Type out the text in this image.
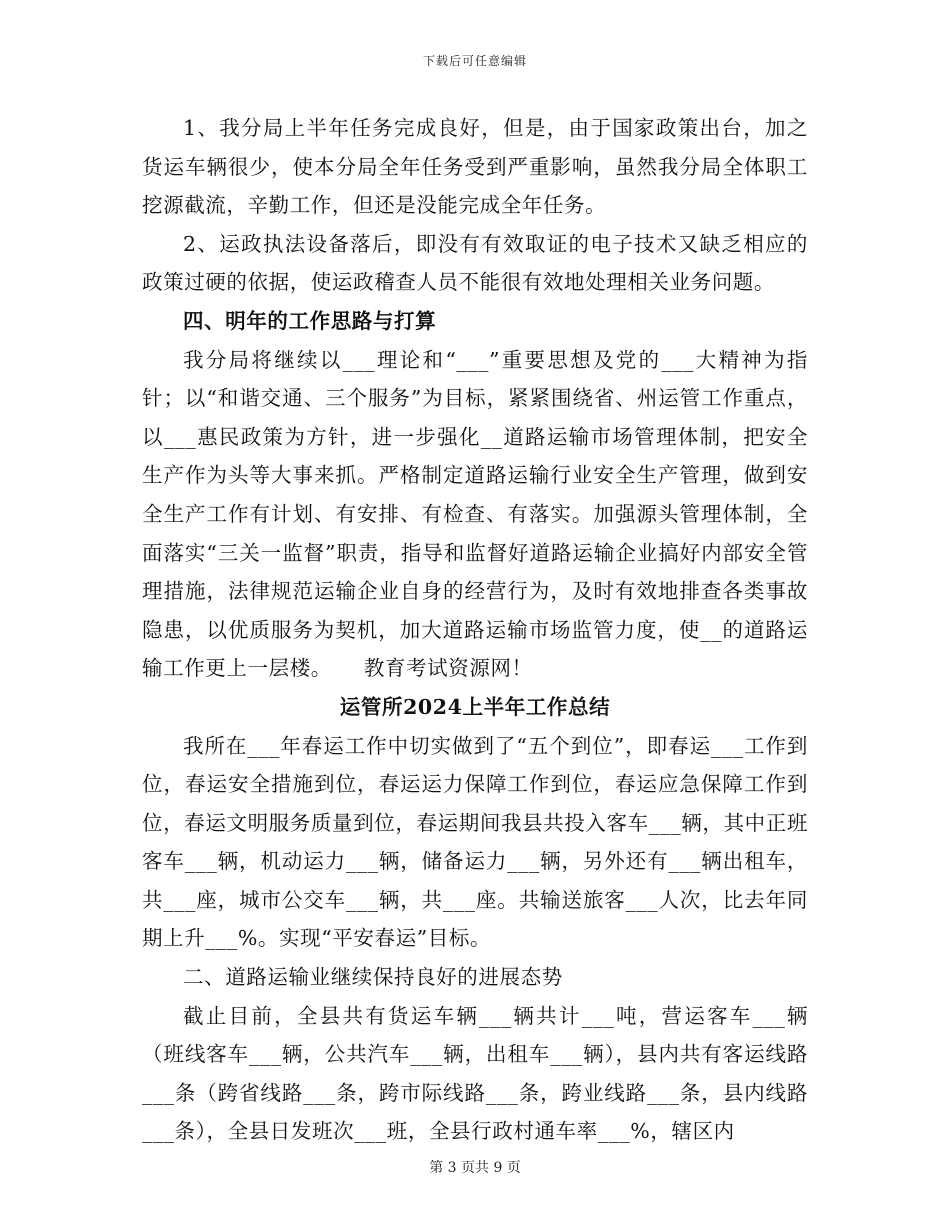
下载后可任意编辑

1、我分局上半年任务完成良好，但是，由于国家政策出台，加之货运车辆很少，使本分局全年任务受到严重影响，虽然我分局全体职工挖源截流，辛勤工作，但还是没能完成全年任务。

2、运政执法设备落后，即没有有效取证的电子技术又缺乏相应的政策过硬的依据，使运政稽查人员不能很有效地处理相关业务问题。

四、明年的工作思路与打算

我分局将继续以___理论和“___”重要思想及党的___大精神为指针；以“和谐交通、三个服务”为目标，紧紧围绕省、州运管工作重点，以___惠民政策为方针，进一步强化__道路运输市场管理体制，把安全生产作为头等大事来抓。严格制定道路运输行业安全生产管理，做到安全生产工作有计划、有安排、有检查、有落实。加强源头管理体制，全面落实“三关一监督”职责，指导和监督好道路运输企业搞好内部安全管理措施，法律规范运输企业自身的经营行为，及时有效地排查各类事故隐患，以优质服务为契机，加大道路运输市场监管力度，使__的道路运输工作更上一层楼。　　教育考试资源网！

运管所2024上半年工作总结

我所在___年春运工作中切实做到了“五个到位”，即春运___工作到位，春运安全措施到位，春运运力保障工作到位，春运应急保障工作到位，春运文明服务质量到位，春运期间我县共投入客车___辆，其中正班客车___辆，机动运力___辆，储备运力___辆，另外还有___辆出租车，共___座，城市公交车___辆，共___座。共输送旅客___人次，比去年同期上升___%。实现“平安春运”目标。

二、道路运输业继续保持良好的进展态势

截止目前，全县共有货运车辆___辆共计___吨，营运客车___辆（班线客车___辆，公共汽车___辆，出租车___辆），县内共有客运线路___条（跨省线路___条，跨市际线路___条，跨业线路___条，县内线路___条），全县日发班次___班，全县行政村通车率___%，辖区内

第 3 页共 9 页
